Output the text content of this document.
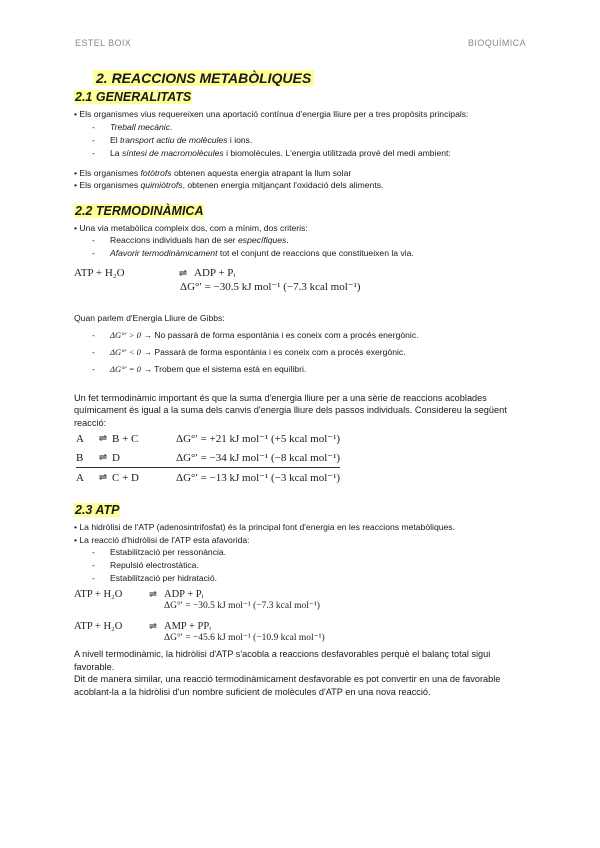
ESTEL BOIX	BIOQUÍMICA
2. REACCIONS METABÒLIQUES
2.1 GENERALITATS

• Els organismes vius requereixen una aportació contínua d'energia lliure per a tres propòsits principals:

- Treball mecànic.
- El transport actiu de molècules i ions.
- La síntesi de macromolècules i biomolècules. L'energia utilitzada prové del medi ambient:

• Els organismes fotòtrofs obtenen aquesta energia atrapant la llum solar

• Els organismes quimiòtrofs, obtenen energia mitjançant l'oxidació dels aliments.

2.2 TERMODINÀMICA

• Una via metabòlica compleix dos, com a mínim, dos criteris:

- Reaccions individuals han de ser específiques.
- Afavorir termodinàmicament tot el conjunt de reaccions que constitueixen la via.
ATP + H₂O	⇌ ADP + Pᵢ
ΔG°′ = −30.5 kJ mol⁻¹ (−7.3 kcal mol⁻¹)

Quan parlem d'Energia Lliure de Gibbs:

- ΔG°′ > 0 → No passarà de forma espontània i es coneix com a procés energònic.
- ΔG°′ < 0 → Passarà de forma espontània i es coneix com a procés exergònic.
- ΔG°′ = 0 → Trobem que el sistema està en equilibri.

Un fet termodinàmic important és que la suma d'energia lliure per a una sèrie de reaccions acoblades químicament és igual a la suma dels canvis d'energia lliure dels passos individuals. Considereu la següent reacció:

A	⇌	B + C	ΔG°′ = +21 kJ mol⁻¹ (+5 kcal mol⁻¹)
B	⇌	D	ΔG°′ = −34 kJ mol⁻¹ (−8 kcal mol⁻¹)
A	⇌	C + D	ΔG°′ = −13 kJ mol⁻¹ (−3 kcal mol⁻¹)
2.3 ATP

• La hidròlisi de l'ATP (adenosintrifosfat) és la principal font d'energia en les reaccions metabòliques.

• La reacció d'hidròlisi de l'ATP esta afavorida:

- Estabilització per ressonància.
- Repulsió electrostàtica.
- Estabilització per hidratació.
ATP + H₂O	⇌ ADP + Pᵢ
ΔG°′ = −30.5 kJ mol⁻¹ (−7.3 kcal mol⁻¹)
ATP + H₂O	⇌ AMP + PPᵢ
ΔG°′ = −45.6 kJ mol⁻¹ (−10.9 kcal mol⁻¹)

A nivell termodinàmic, la hidròlisi d'ATP s'acobla a reaccions desfavorables perquè el balanç total sigui favorable.

Dit de manera similar, una reacció termodinàmicament desfavorable es pot convertir en una de favorable acoblant-la a la hidròlisi d'un nombre suficient de molècules d'ATP en una nova reacció.
